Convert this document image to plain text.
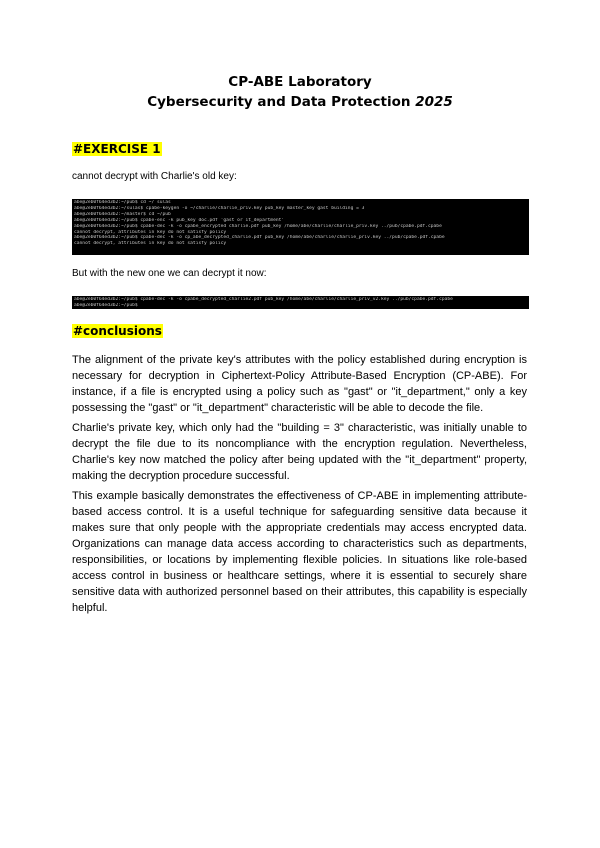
CP-ABE Laboratory
Cybersecurity and Data Protection 2025
#EXERCISE 1
cannot decrypt with Charlie's old key:
abe@2eb0f64ed3b2:~/pub$ cd ~/ sulas
abe@2eb0f64ed3b2:~/sulas$ cpabe-keygen -o ~/charlie/charlie_priv.key pub_key master_key gast building = 3
abe@2eb0f64ed3b2:~/master$ cd ~/pub
abe@2eb0f64ed3b2:~/pub$ cpabe-enc -k pub_key doc.pdf 'gast or it_department'
abe@2eb0f64ed3b2:~/pub$ cpabe-dec -k -o cpabe_encrypted charlie.pdf pub_key /home/abe/charlie/charlie_priv.key ../pub/cpabe.pdf.cpabe
cannot decrypt, attributes in key do not satisfy policy
abe@2eb0f64ed3b2:~/pub$ cpabe-dec -k -o cp_abe_decrypted_charlie.pdf pub_key /home/abe/charlie/charlie_priv.key ../pub/cpabe.pdf.cpabe
cannot decrypt, attributes in key do not satisfy policy
But with the new one we can decrypt it now:
abe@2eb0f64ed3b2:~/pub$ cpabe-dec -k -o cpabe_decrypted_charlie2.pdf pub_key /home/abe/charlie/charlie_priv_v2.key ../pub/cpabe.pdf.cpabe
abe@2eb0f64ed3b2:~/pub$
#conclusions
The alignment of the private key's attributes with the policy established during encryption is necessary for decryption in Ciphertext-Policy Attribute-Based Encryption (CP-ABE). For instance, if a file is encrypted using a policy such as "gast" or "it_department," only a key possessing the "gast" or "it_department" characteristic will be able to decode the file.
Charlie's private key, which only had the "building = 3" characteristic, was initially unable to decrypt the file due to its noncompliance with the encryption regulation. Nevertheless, Charlie's key now matched the policy after being updated with the "it_department" property, making the decryption procedure successful.
This example basically demonstrates the effectiveness of CP-ABE in implementing attribute-based access control. It is a useful technique for safeguarding sensitive data because it makes sure that only people with the appropriate credentials may access encrypted data. Organizations can manage data access according to characteristics such as departments, responsibilities, or locations by implementing flexible policies. In situations like role-based access control in business or healthcare settings, where it is essential to securely share sensitive data with authorized personnel based on their attributes, this capability is especially helpful.
